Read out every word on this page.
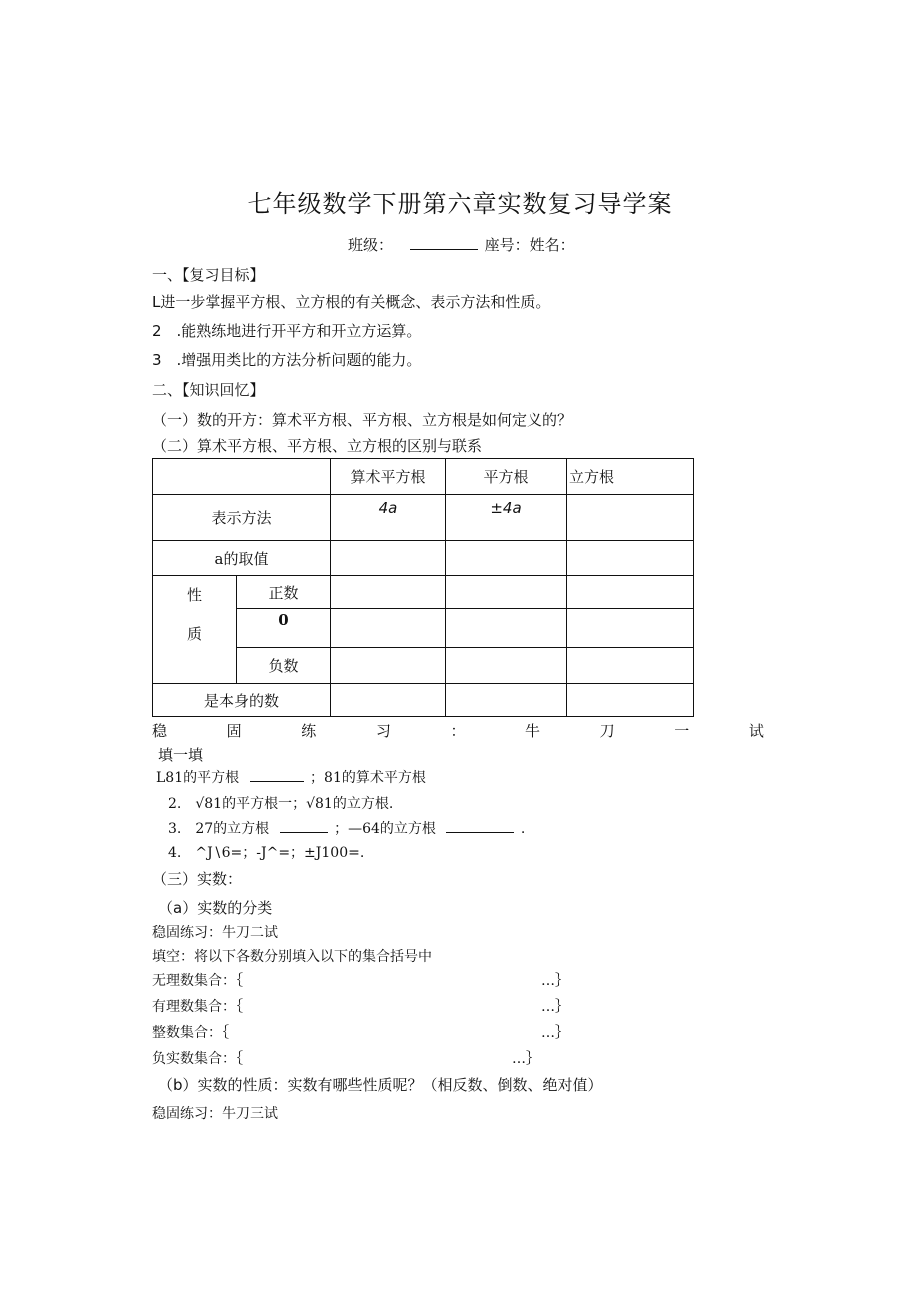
七年级数学下册第六章实数复习导学案
班级：	座号：姓名：
一、【复习目标】
L进一步掌握平方根、立方根的有关概念、表示方法和性质。
2　.能熟练地进行开平方和开立方运算。
3　.增强用类比的方法分析问题的能力。
二、【知识回忆】
（一）数的开方：算术平方根、平方根、立方根是如何定义的？
（二）算术平方根、平方根、立方根的区别与联系
		算术平方根	平方根	立方根
表示方法		4a	±4a	
a的取值				

性
质	正数			
	0			
	负数			
是本身的数				
稳	固	练	习	：	牛	刀	一	试
填一填
L81的平方根	；81的算术平方根
2.　√81的平方根一；√81的立方根.
3.　27的立方根	；—64的立方根	.
4.　^J∖6=；-J^=；±J100=.
（三）实数：
（a）实数的分类
稳固练习：牛刀二试
填空：将以下各数分别填入以下的集合括号中
无理数集合：｛	…｝
有理数集合：｛	…｝
整数集合：｛	…｝
负实数集合：｛	…｝
（b）实数的性质：实数有哪些性质呢？（相反数、倒数、绝对值）
稳固练习：牛刀三试
